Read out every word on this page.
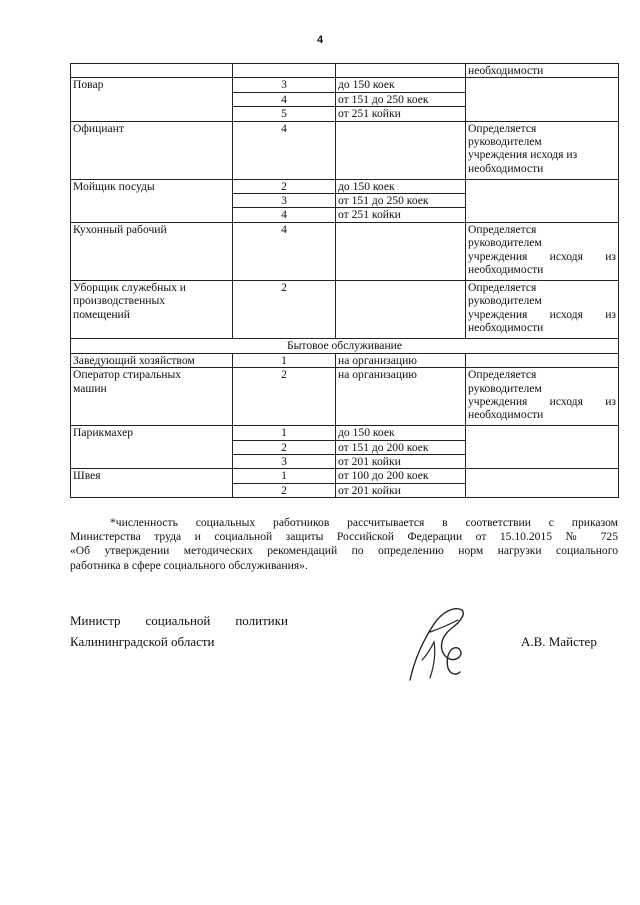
4
			необходимости
Повар	3	до 150 коек	
	4	от 151 до 250 коек	
	5	от 251 койки	
Официант	4		Определяется
руководителем
учреждения исходя из
необходимости

Мойщик посуды	2	до 150 коек	
	3	от 151 до 250 коек	
	4	от 251 койки	
Кухонный рабочий	4		Определяется
руководителем
учреждения исходя из
необходимости

Уборщик служебных и
производственных
помещений	2		Определяется
руководителем
учреждения исходя из
необходимости

Бытовое обслуживание			
Заведующий хозяйством	1	на организацию	

Оператор стиральных
машин	2	на организацию	Определяется
руководителем
учреждения исходя из
необходимости

Парикмахер	1	до 150 коек	
	2	от 151 до 200 коек	
	3	от 201 койки	
Швея	1	от 100 до 200 коек	
	2	от 201 койки	
*численность социальных работников рассчитывается в соответствии с приказом
Министерства труда и социальной защиты Российской Федерации от 15.10.2015 № 725
«Об утверждении методических рекомендаций по определению норм нагрузки социального
работника в сфере социального обслуживания».
Министр социальной политики
Калининградской области	А.В. Майстер
